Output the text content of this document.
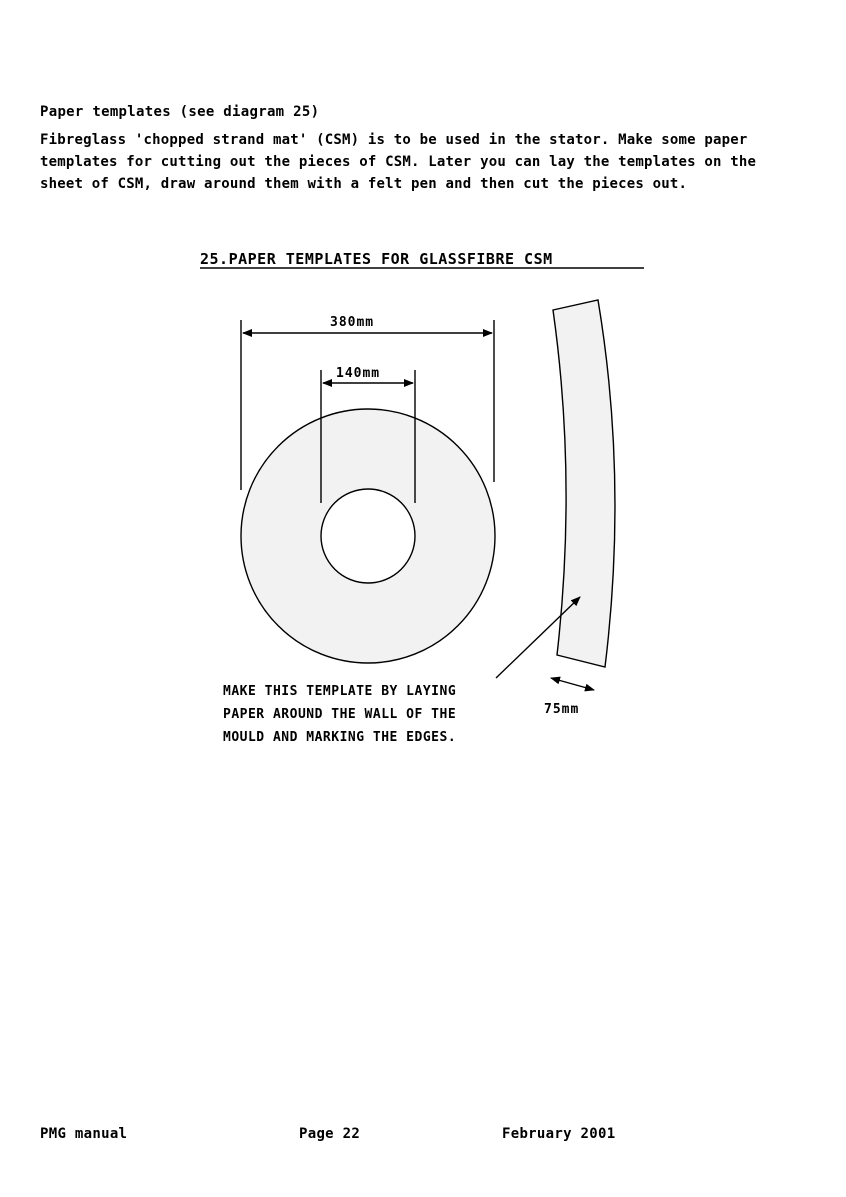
Paper templates (see diagram 25)
Fibreglass 'chopped strand mat' (CSM) is to be used in the stator. Make some paper
templates for cutting out the pieces of CSM. Later you can lay the templates on the
sheet of CSM, draw around them with a felt pen and then cut the pieces out.
25.PAPER TEMPLATES FOR GLASSFIBRE CSM
380mm
140mm
75mm
MAKE THIS TEMPLATE BY LAYING
PAPER AROUND THE WALL OF THE
MOULD AND MARKING THE EDGES.
PMG manual	Page 22	February 2001
